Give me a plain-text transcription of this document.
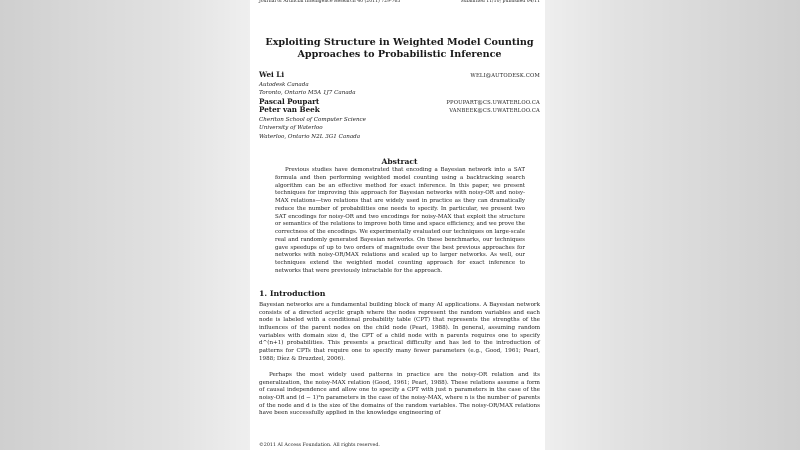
Journal of Artificial Intelligence Research 40 (2011) 729-765	Submitted 11/10; published 04/11
Exploiting Structure in Weighted Model Counting
Approaches to Probabilistic Inference
Wei Li	WELI@AUTODESK.COM
Autodesk Canada
Toronto, Ontario M5A 1J7 Canada
Pascal Poupart	PPOUPART@CS.UWATERLOO.CA
Peter van Beek	VANBEEK@CS.UWATERLOO.CA
Cheriton School of Computer Science
University of Waterloo
Waterloo, Ontario N2L 3G1 Canada
Abstract
Previous studies have demonstrated that encoding a Bayesian network into a SAT formula and then performing weighted model counting using a backtracking search algorithm can be an effective method for exact inference. In this paper, we present techniques for improving this approach for Bayesian networks with noisy-OR and noisy-MAX relations—two relations that are widely used in practice as they can dramatically reduce the number of probabilities one needs to specify. In particular, we present two SAT encodings for noisy-OR and two encodings for noisy-MAX that exploit the structure or semantics of the relations to improve both time and space efficiency, and we prove the correctness of the encodings. We experimentally evaluated our techniques on large-scale real and randomly generated Bayesian networks. On these benchmarks, our techniques gave speedups of up to two orders of magnitude over the best previous approaches for networks with noisy-OR/MAX relations and scaled up to larger networks. As well, our techniques extend the weighted model counting approach for exact inference to networks that were previously intractable for the approach.
1. Introduction
Bayesian networks are a fundamental building block of many AI applications. A Bayesian network consists of a directed acyclic graph where the nodes represent the random variables and each node is labeled with a conditional probability table (CPT) that represents the strengths of the influences of the parent nodes on the child node (Pearl, 1988). In general, assuming random variables with domain size d, the CPT of a child node with n parents requires one to specify d^(n+1) probabilities. This presents a practical difficulty and has led to the introduction of patterns for CPTs that require one to specify many fewer parameters (e.g., Good, 1961; Pearl, 1988; Díez & Druzdzel, 2006).
Perhaps the most widely used patterns in practice are the noisy-OR relation and its generalization, the noisy-MAX relation (Good, 1961; Pearl, 1988). These relations assume a form of causal independence and allow one to specify a CPT with just n parameters in the case of the noisy-OR and (d − 1)²n parameters in the case of the noisy-MAX, where n is the number of parents of the node and d is the size of the domains of the random variables. The noisy-OR/MAX relations have been successfully applied in the knowledge engineering of
©2011 AI Access Foundation. All rights reserved.
